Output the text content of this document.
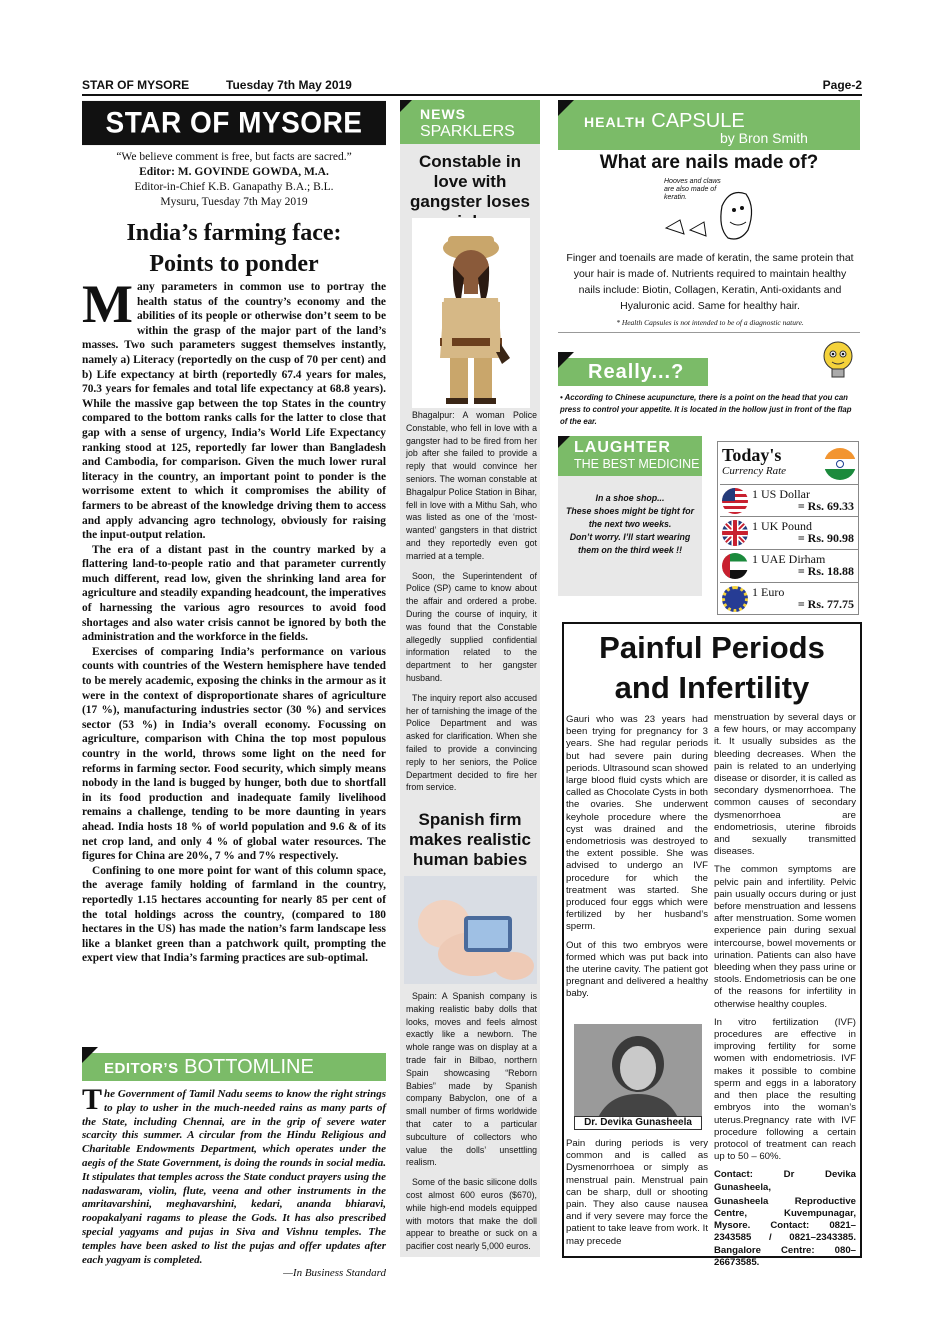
STAR OF MYSORE	Tuesday 7th May 2019	Page-2
STAR OF MYSORE
“We believe comment is free, but facts are sacred.”
Editor: M. GOVINDE GOWDA, M.A.
Editor-in-Chief K.B. Ganapathy B.A.; B.L.
Mysuru, Tuesday 7th May 2019
India’s farming face:
Points to ponder

Many parameters in common use to portray the health status of the country’s economy and the abilities of its people or otherwise don’t seem to be within the grasp of the major part of the land’s masses. Two such parameters suggest themselves instantly, namely a) Literacy (reportedly on the cusp of 70 per cent) and b) Life expectancy at birth (reportedly 67.4 years for males, 70.3 years for females and total life expectancy at 68.8 years). While the massive gap between the top States in the country compared to the bottom ranks calls for the latter to close that gap with a sense of urgency, India’s World Life Expectancy ranking stood at 125, reportedly far lower than Bangladesh and Cambodia, for comparison. Given the much lower rural literacy in the country, an important point to ponder is the worrisome extent to which it compromises the ability of farmers to be abreast of the knowledge driving them to access and apply advancing agro technology, obviously for raising the input-output relation.

The era of a distant past in the country marked by a flattering land-to-people ratio and that parameter currently much different, read low, given the shrinking land area for agriculture and steadily expanding headcount, the imperatives of harnessing the various agro resources to avoid food shortages and also water crisis cannot be ignored by both the administration and the workforce in the fields.

Exercises of comparing India’s performance on various counts with countries of the Western hemisphere have tended to be merely academic, exposing the chinks in the armour as it were in the context of disproportionate shares of agriculture (17 %), manufacturing industries sector (30 %) and services sector (53 %) in India’s overall economy. Focussing on agriculture, comparison with China the top most populous country in the world, throws some light on the need for reforms in farming sector. Food security, which simply means nobody in the land is bugged by hunger, both due to shortfall in its food production and inadequate family livelihood remains a challenge, tending to be more daunting in years ahead. India hosts 18 % of world population and 9.6 & of its net crop land, and only 4 % of global water resources. The figures for China are 20%, 7 % and 7% respectively.

Confining to one more point for want of this column space, the average family holding of farmland in the country, reportedly 1.15 hectares accounting for nearly 85 per cent of the total holdings across the country, (compared to 180 hectares in the US) has made the nation’s farm landscape less like a blanket green than a patchwork quilt, prompting the expert view that India’s farming practices are sub-optimal.

EDITOR’S BOTTOMLINE
The Government of Tamil Nadu seems to know the right strings to play to usher in the much-needed rains as many parts of the State, including Chennai, are in the grip of severe water scarcity this summer. A circular from the Hindu Religious and Charitable Endowments Department, which operates under the aegis of the State Government, is doing the rounds in social media. It stipulates that temples across the State conduct prayers using the nadaswaram, violin, flute, veena and other instruments in the amritavarshini, meghavarshini, kedari, ananda bhiaravi, roopakalyani ragams to please the Gods. It has also prescribed special yagyams and pujas in Siva and Vishnu temples. The temples have been asked to list the pujas and offer updates after each yagyam is completed.
—In Business Standard
NEWS
SPARKLERS
Constable in love with gangster loses

Bhagalpur: A woman Police Constable, who fell in love with a gangster had to be fired from her job after she failed to provide a reply that would convince her seniors. The woman constable at Bhagalpur Police Station in Bihar, fell in love with a Mithu Sah, who was listed as one of the ‘most-wanted’ gangsters in that district and they reportedly even got married at a temple.

Soon, the Superintendent of Police (SP) came to know about the affair and ordered a probe. During the course of inquiry, it was found that the Constable allegedly supplied confidential information related to the department to her gangster husband.

The inquiry report also accused her of tarnishing the image of the Police Department and was asked for clarification. When she failed to provide a convincing reply to her seniors, the Police Department decided to fire her from service.

Spanish firm makes realistic human babies

Spain: A Spanish company is making realistic baby dolls that looks, moves and feels almost exactly like a newborn. The whole range was on display at a trade fair in Bilbao, northern Spain showcasing “Reborn Babies” made by Spanish company Babyclon, one of a small number of firms worldwide that cater to a particular subculture of collectors who value the dolls’ unsettling realism.

Some of the basic silicone dolls cost almost 600 euros ($670), while high-end models equipped with motors that make the doll appear to breathe or suck on a pacifier cost nearly 5,000 euros.

HEALTH CAPSULE
by Bron Smith
What are nails made of?
Hooves and claws are also made of keratin.
Finger and toenails are made of keratin, the same protein that your hair is made of. Nutrients required to maintain healthy nails include: Biotin, Collagen, Keratin, Anti-oxidants and Hyaluronic acid. Same for healthy hair.
* Health Capsules is not intended to be of a diagnostic nature.
Really...?
• According to Chinese acupuncture, there is a point on the head that you can press to control your appetite. It is located in the hollow just in front of the flap of the ear.
LAUGHTER
THE BEST MEDICINE
In a shoe shop...
These shoes might be tight for the next two weeks.
Don’t worry. I’ll start wearing them on the third week !!
Today's
Currency Rate
1 US Dollar
= Rs. 69.33
1 UK Pound
= Rs. 90.98
1 UAE Dirham
= Rs. 18.88
1 Euro
= Rs. 77.75
Painful Periods
and Infertility

Gauri who was 23 years had been trying for pregnancy for 3 years. She had regular periods but had severe pain during periods. Ultrasound scan showed large blood fluid cysts which are called as Chocolate Cysts in both the ovaries. She underwent keyhole procedure where the cyst was drained and the endometriosis was destroyed to the extent possible. She was advised to undergo an IVF procedure for which the treatment was started. She produced four eggs which were fertilized by her husband’s sperm.

Out of this two embryos were formed which was put back into the uterine cavity. The patient got pregnant and delivered a healthy baby.

Dr. Devika Gunasheela

Pain during periods is very common and is called as Dysmenorrhoea or simply as menstrual pain. Menstrual pain can be sharp, dull or shooting pain. They also cause nausea and if very severe may force the patient to take leave from work. It may precede

menstruation by several days or a few hours, or may accompany it. It usually subsides as the bleeding decreases. When the pain is related to an underlying disease or disorder, it is called as secondary dysmenorrhoea. The common causes of secondary dysmenorrhoea are endometriosis, uterine fibroids and sexually transmitted diseases.

The common symptoms are pelvic pain and infertility. Pelvic pain usually occurs during or just before menstruation and lessens after menstruation. Some women experience pain during sexual intercourse, bowel movements or urination. Patients can also have bleeding when they pass urine or stools. Endometriosis can be one of the reasons for infertility in otherwise healthy couples.

In vitro fertilization (IVF) procedures are effective in improving fertility for some women with endometriosis. IVF makes it possible to combine sperm and eggs in a laboratory and then place the resulting embryos into the woman’s uterus.Pregnancy rate with IVF procedure following a certain protocol of treatment can reach up to 50 – 60%.

Contact: Dr Devika Gunasheela,

Gunasheela Reproductive Centre, Kuvempunagar, Mysore. Contact: 0821–2343585 / 0821–2343385. Bangalore Centre: 080–26673585.
